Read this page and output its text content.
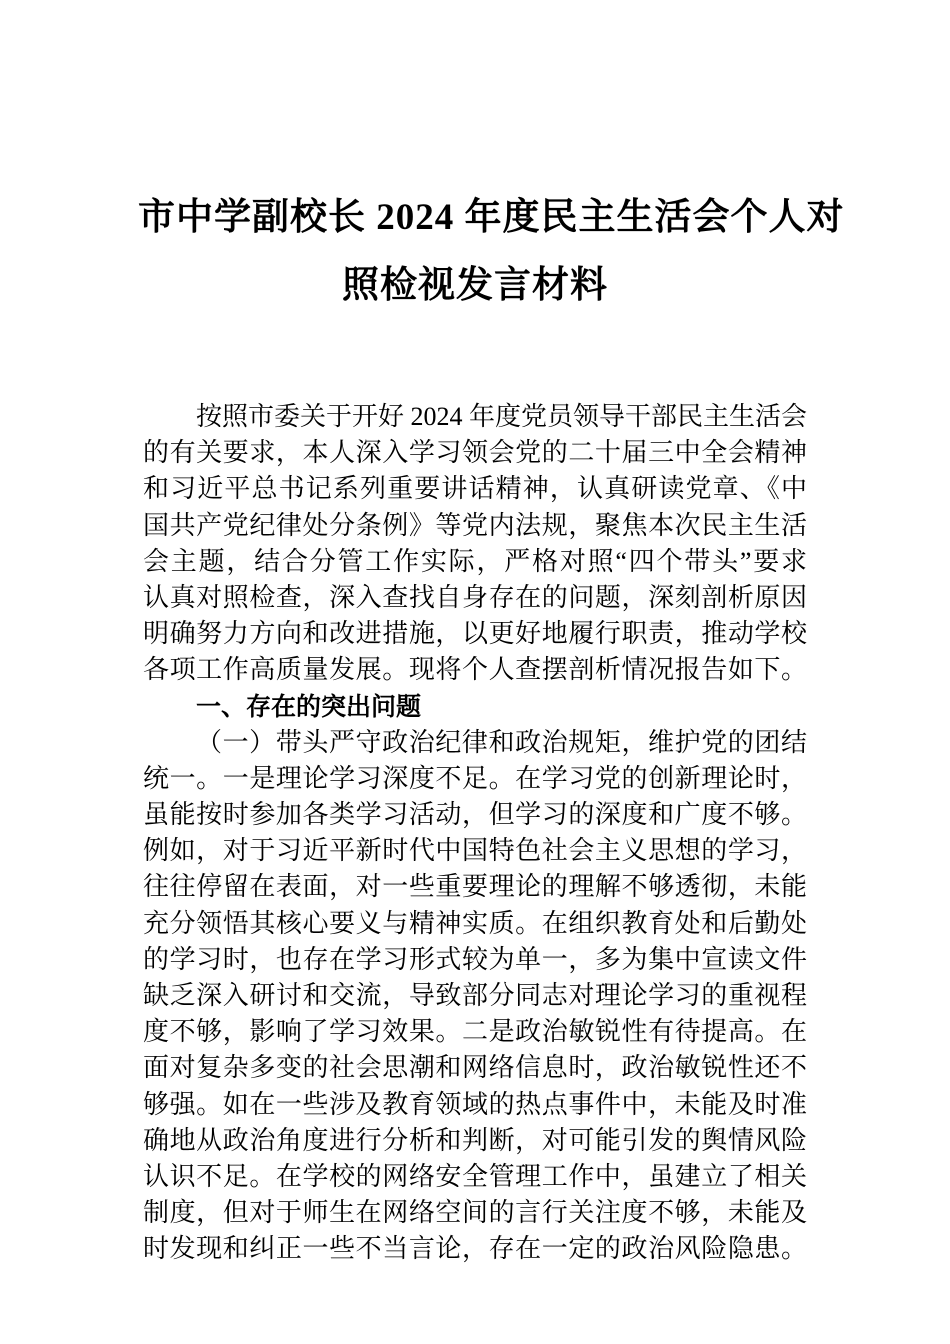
市中学副校长 2024 年度民主生活会个人对
照检视发言材料
按照市委关于开好 2024 年度党员领导干部民主生活会
的有关要求，本人深入学习领会党的二十届三中全会精神
和习近平总书记系列重要讲话精神，认真研读党章、《中
国共产党纪律处分条例》等党内法规，聚焦本次民主生活
会主题，结合分管工作实际，严格对照“四个带头”要求
认真对照检查，深入查找自身存在的问题，深刻剖析原因
明确努力方向和改进措施，以更好地履行职责，推动学校
各项工作高质量发展。现将个人查摆剖析情况报告如下。
一、存在的突出问题
（一）带头严守政治纪律和政治规矩，维护党的团结
统一。一是理论学习深度不足。在学习党的创新理论时，
虽能按时参加各类学习活动，但学习的深度和广度不够。
例如，对于习近平新时代中国特色社会主义思想的学习，
往往停留在表面，对一些重要理论的理解不够透彻，未能
充分领悟其核心要义与精神实质。在组织教育处和后勤处
的学习时，也存在学习形式较为单一，多为集中宣读文件
缺乏深入研讨和交流，导致部分同志对理论学习的重视程
度不够，影响了学习效果。二是政治敏锐性有待提高。在
面对复杂多变的社会思潮和网络信息时，政治敏锐性还不
够强。如在一些涉及教育领域的热点事件中，未能及时准
确地从政治角度进行分析和判断，对可能引发的舆情风险
认识不足。在学校的网络安全管理工作中，虽建立了相关
制度，但对于师生在网络空间的言行关注度不够，未能及
时发现和纠正一些不当言论，存在一定的政治风险隐患。
